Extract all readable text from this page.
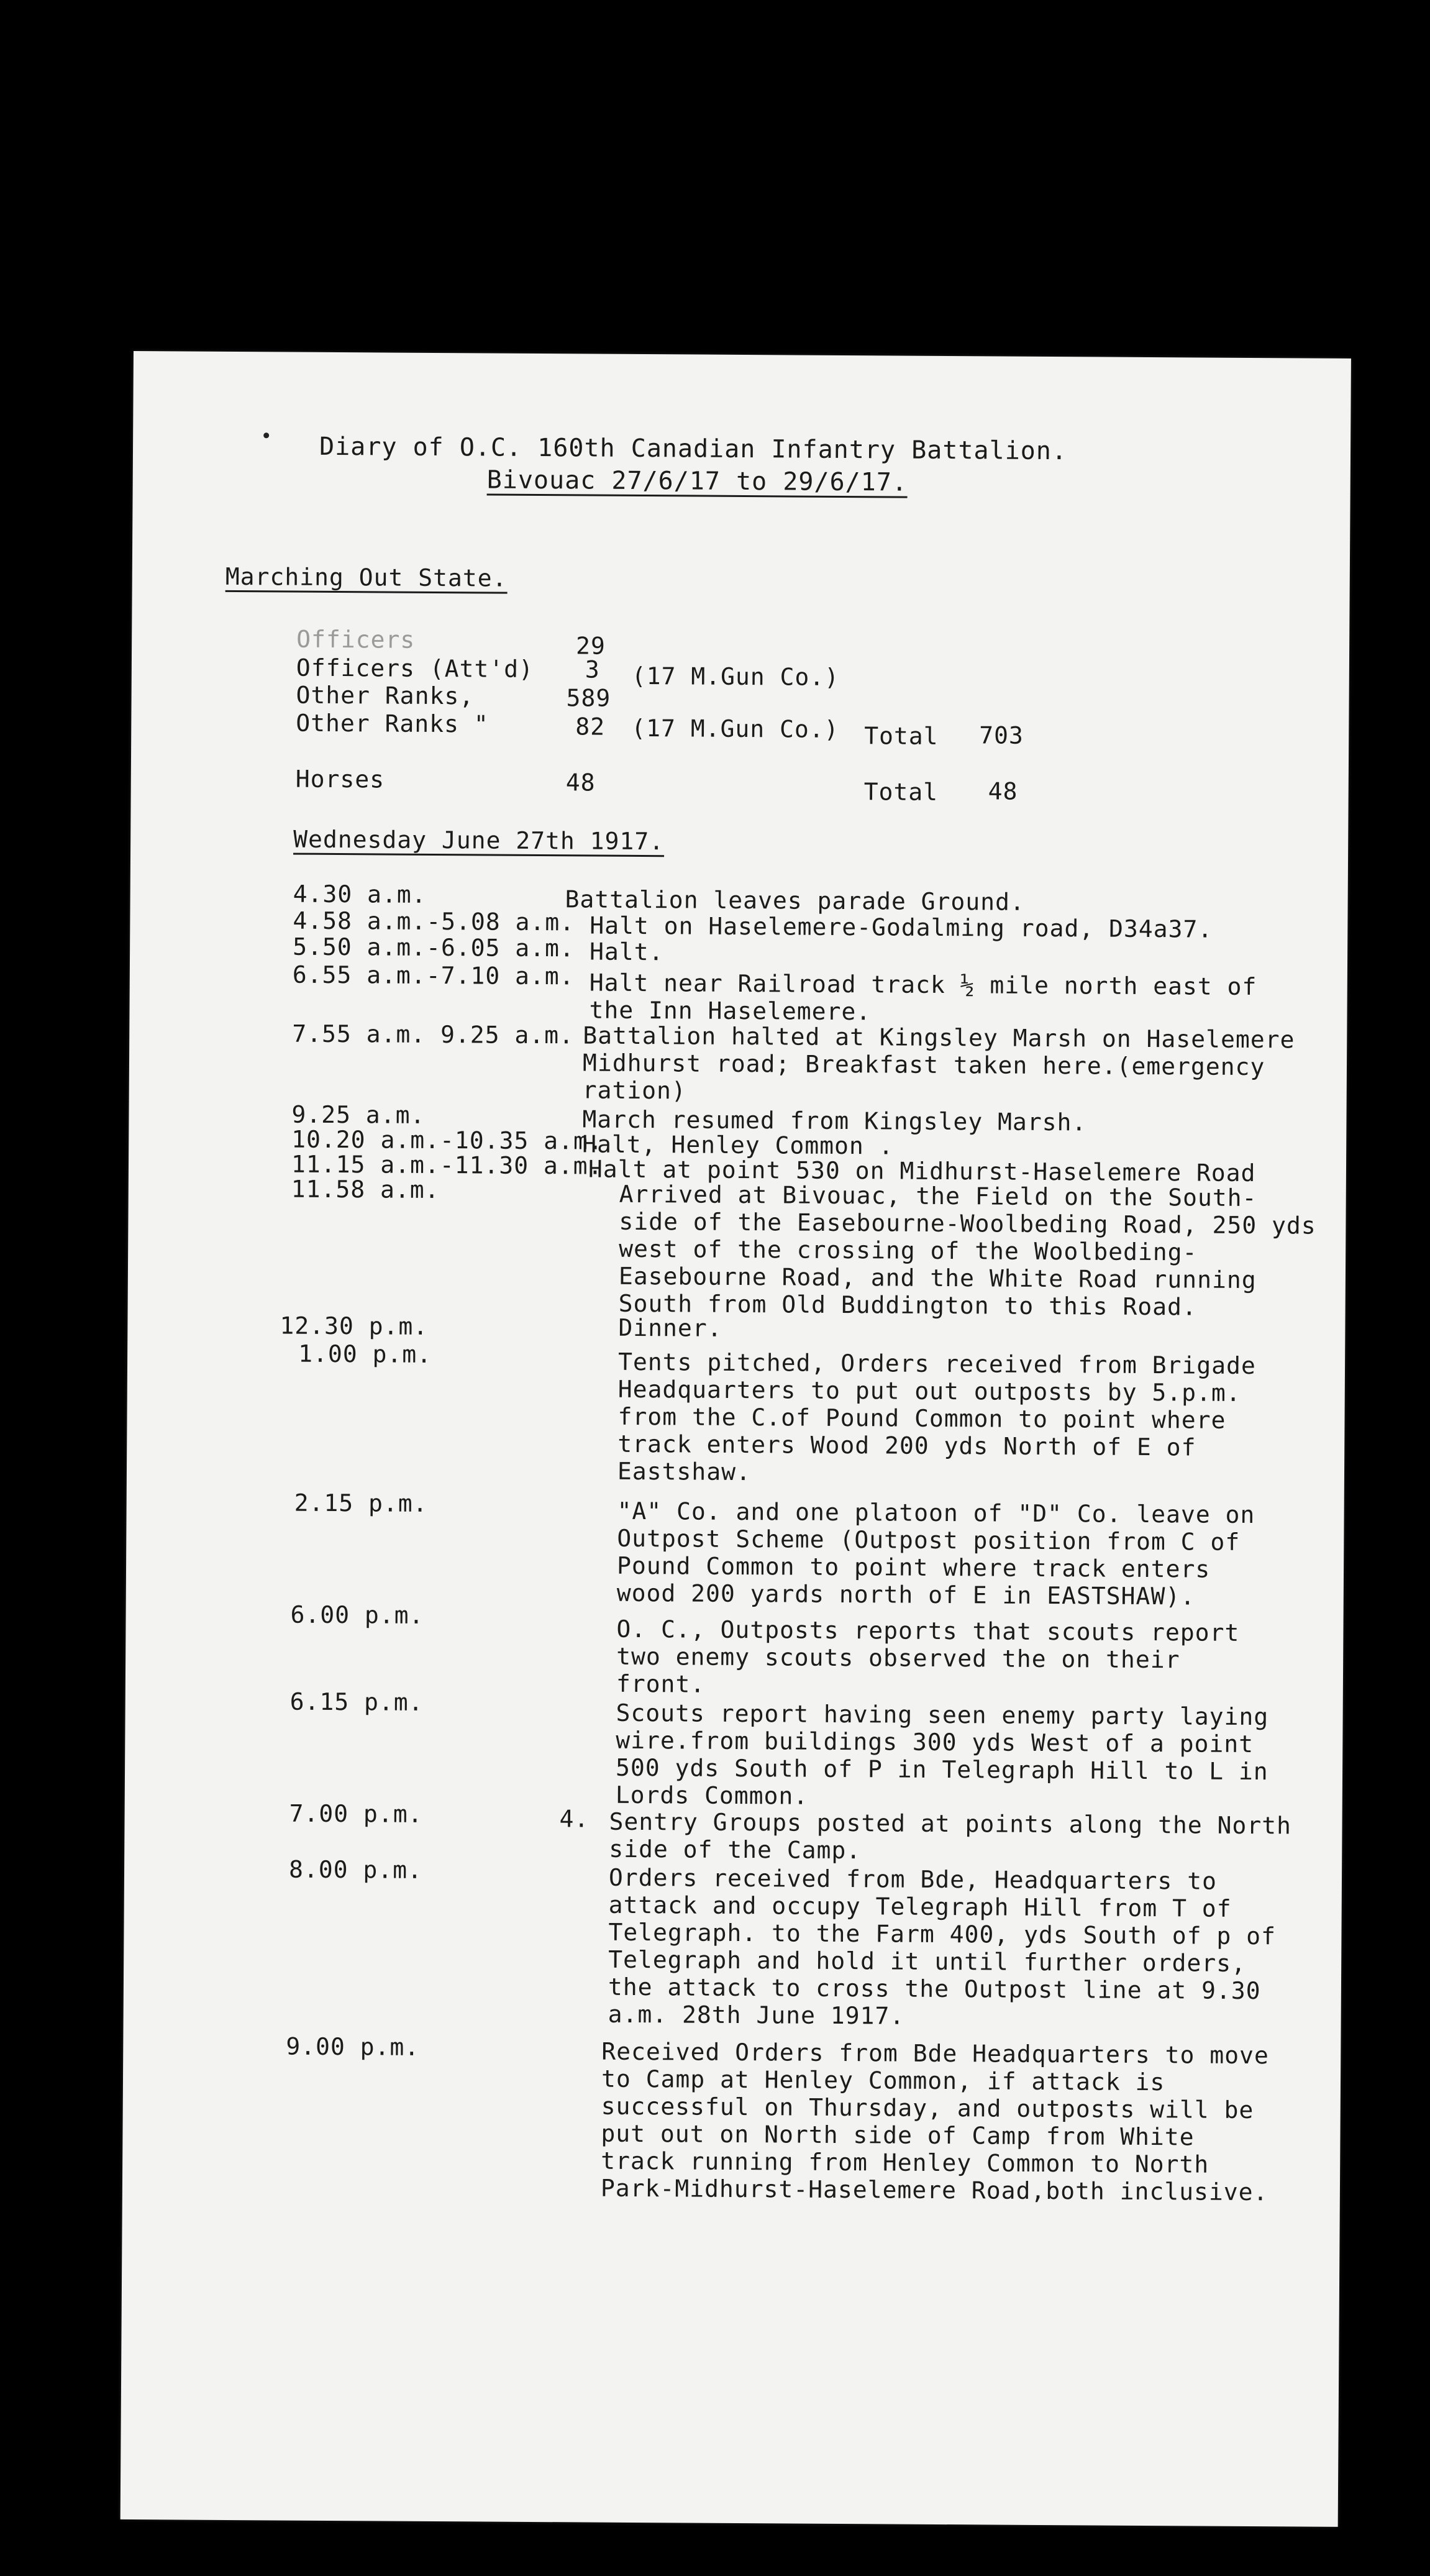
Diary of O.C. 160th Canadian Infantry Battalion.
Bivouac 27/6/17 to 29/6/17.
Marching Out State.
Officers	29
Officers (Att'd) 3 (17 M.Gun Co.)
Other Ranks,	589
Other Ranks "	82 (17 M.Gun Co.) Total 703
Horses	48	Total 48
Wednesday June 27th 1917.
4.30 a.m.	Battalion leaves parade Ground.
4.58 a.m.-5.08 a.m. Halt on Haselemere-Godalming road, D34a37.
5.50 a.m.-6.05 a.m. Halt.
6.55 a.m.-7.10 a.m. Halt near Railroad track ½ mile north east of
the Inn Haselemere.
7.55 a.m. 9.25 a.m. Battalion halted at Kingsley Marsh on Haselemere
Midhurst road; Breakfast taken here.(emergency
ration)
9.25 a.m.	March resumed from Kingsley Marsh.
10.20 a.m.-10.35 a.m.
Halt, Henley Common .
11.15 a.m.-11.30 a.m.
Halt at point 530 on Midhurst-Haselemere Road
11.58 a.m.	Arrived at Bivouac, the Field on the South-
side of the Easebourne-Woolbeding Road, 250 yds
west of the crossing of the Woolbeding-
Easebourne Road, and the White Road running
South from Old Buddington to this Road.
12.30 p.m.	Dinner.
1.00 p.m.	Tents pitched, Orders received from Brigade
Headquarters to put out outposts by 5.p.m.
from the C.of Pound Common to point where
track enters Wood 200 yds North of E of
Eastshaw.
2.15 p.m.	"A" Co. and one platoon of "D" Co. leave on
Outpost Scheme (Outpost position from C of
Pound Common to point where track enters
wood 200 yards north of E in EASTSHAW).
6.00 p.m.
O. C., Outposts reports that scouts report
two enemy scouts observed the on their
front.
6.15 p.m.	Scouts report having seen enemy party laying
wire.from buildings 300 yds West of a point
500 yds South of P in Telegraph Hill to L in
Lords Common.
7.00 p.m.	4. Sentry Groups posted at points along the North
side of the Camp.
8.00 p.m.	Orders received from Bde, Headquarters to
attack and occupy Telegraph Hill from T of
Telegraph. to the Farm 400, yds South of p of
Telegraph and hold it until further orders,
the attack to cross the Outpost line at 9.30
a.m. 28th June 1917.
9.00 p.m.	Received Orders from Bde Headquarters to move
to Camp at Henley Common, if attack is
successful on Thursday, and outposts will be
put out on North side of Camp from White
track running from Henley Common to North
Park-Midhurst-Haselemere Road,both inclusive.
